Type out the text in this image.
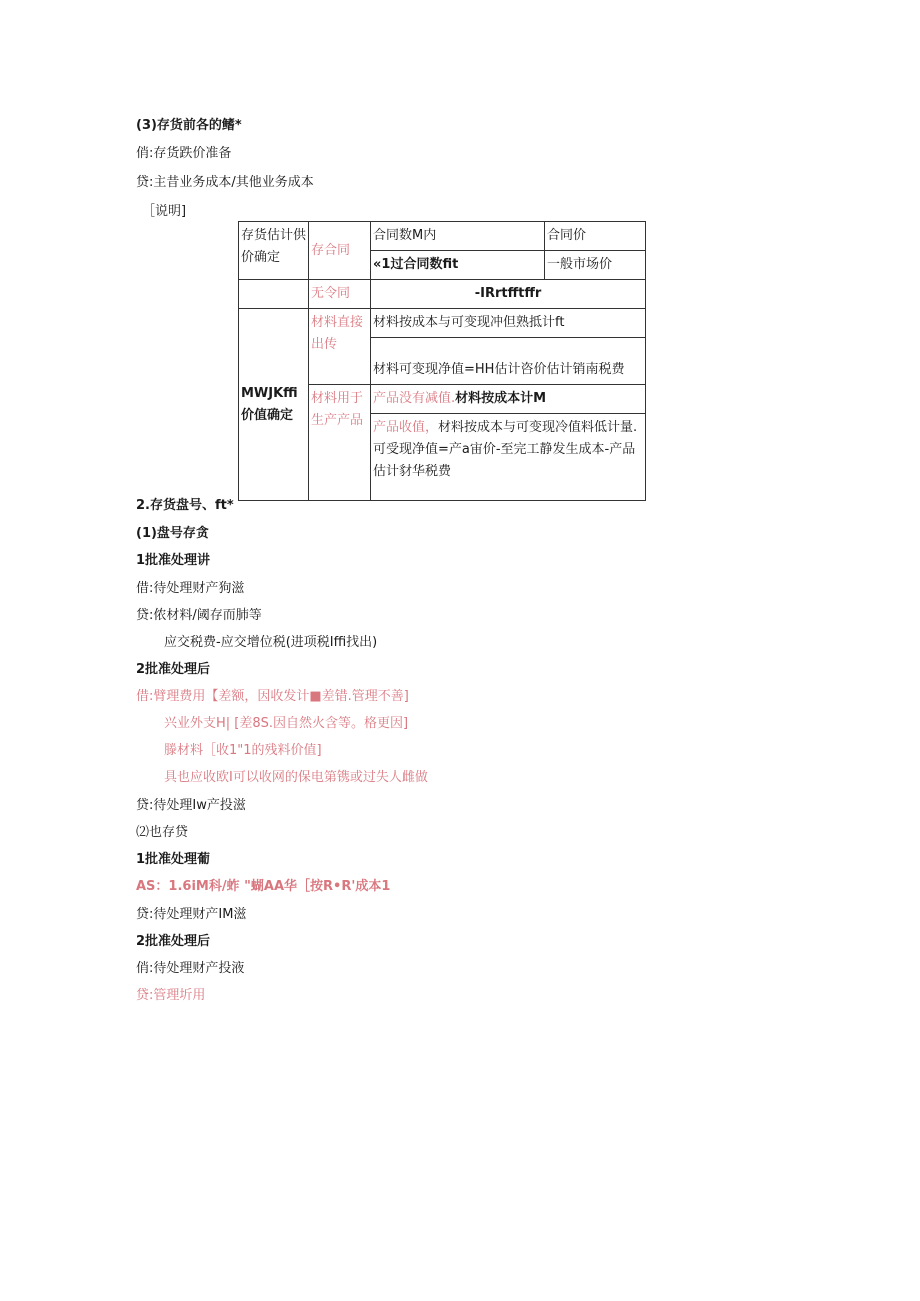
(3)存货前各的鳍*
俏:存货跌价准备
贷:主昔业务成本/其他业务成本
［说明]
存货估计供价确定	存合同	合同数M内	合同价
		«1过合同数fit	一般市场价
	无令同	-IRrtfftffr	
MWJKffi价值确定	材料直接出传	材料按成本与可变现冲但熟抵计ft	
		材料可变现净值=HH估计咨价估计销南税费	
	材料用于生产产品	产品没有减值.材料按成本计M	
		产品收值，材料按成本与可变现冷值料低计量.可受现净值=产a宙价-至完工静发生成本-产品估计豺华税费	
2.存货盘号、ft*
(1)盘号存贪
1批准处理讲
借:待处理财产狗滋
贷:侬材料/阈存而肺等
应交税费-应交增位税(进项税Iffi找出)
2批准处理后
借:臂理费用【差额，因收发计■差错.管理不善]
兴业外支H| [差8S.因自然火含等。格更因]
滕材料［收1"1的残料价值]
具也应收欧I可以收网的保电第镌或过失人雌做
贷:待处理Iw产投滋
⑵也存贷
1批准处理葡
AS：1.6iM科/蚱 "蝴AA华［按R•R'成本1
贷:待处理财产IM滋
2批准处理后
俏:待处理财产投液
贷:管理圻用
